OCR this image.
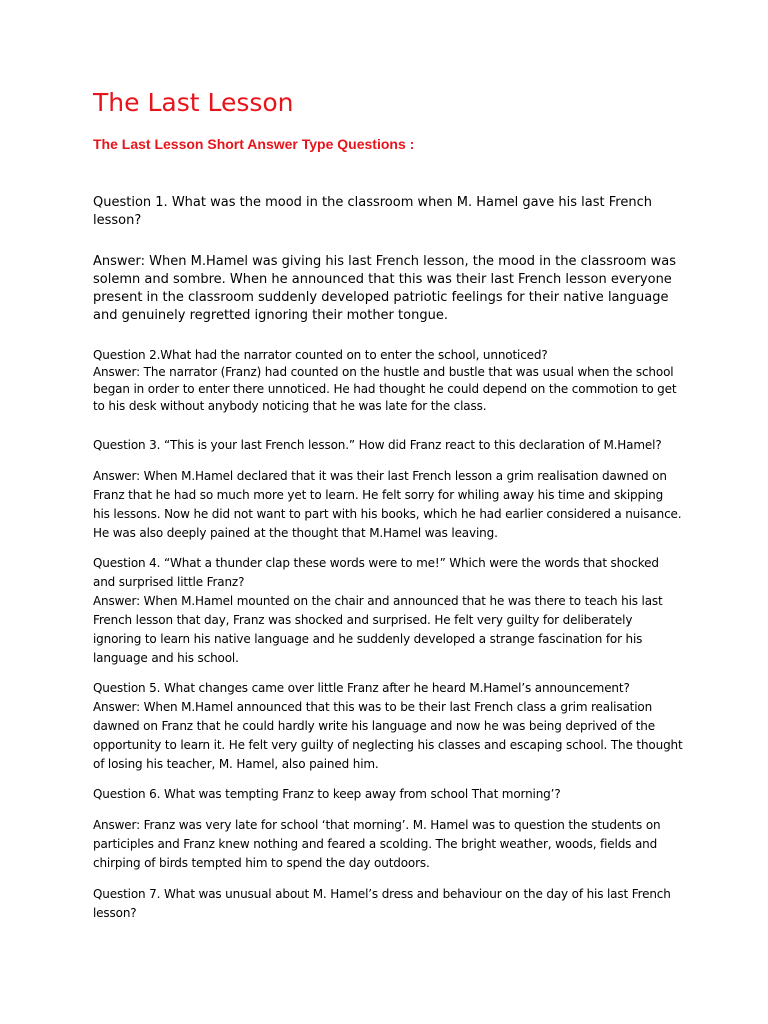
The Last Lesson
The Last Lesson Short Answer Type Questions :

Question 1. What was the mood in the classroom when M. Hamel gave his last French lesson?

Answer: When M.Hamel was giving his last French lesson, the mood in the classroom was solemn and sombre. When he announced that this was their last French lesson everyone present in the classroom suddenly developed patriotic feelings for their native language and genuinely regretted ignoring their mother tongue.

Question 2.What had the narrator counted on to enter the school, unnoticed?

Answer: The narrator (Franz) had counted on the hustle and bustle that was usual when the school began in order to enter there unnoticed. He had thought he could depend on the commotion to get to his desk without anybody noticing that he was late for the class.

Question 3. “This is your last French lesson.” How did Franz react to this declaration of M.Hamel?

Answer: When M.Hamel declared that it was their last French lesson a grim realisation dawned on Franz that he had so much more yet to learn. He felt sorry for whiling away his time and skipping his lessons. Now he did not want to part with his books, which he had earlier considered a nuisance. He was also deeply pained at the thought that M.Hamel was leaving.

Question 4. “What a thunder clap these words were to me!” Which were the words that shocked and surprised little Franz?

Answer: When M.Hamel mounted on the chair and announced that he was there to teach his last French lesson that day, Franz was shocked and surprised. He felt very guilty for deliberately ignoring to learn his native language and he suddenly developed a strange fascination for his language and his school.

Question 5. What changes came over little Franz after he heard M.Hamel’s announcement?

Answer: When M.Hamel announced that this was to be their last French class a grim realisation dawned on Franz that he could hardly write his language and now he was being deprived of the opportunity to learn it. He felt very guilty of neglecting his classes and escaping school. The thought of losing his teacher, M. Hamel, also pained him.

Question 6. What was tempting Franz to keep away from school That morning’?

Answer: Franz was very late for school ‘that morning’. M. Hamel was to question the students on participles and Franz knew nothing and feared a scolding. The bright weather, woods, fields and chirping of birds tempted him to spend the day outdoors.

Question 7. What was unusual about M. Hamel’s dress and behaviour on the day of his last French lesson?
